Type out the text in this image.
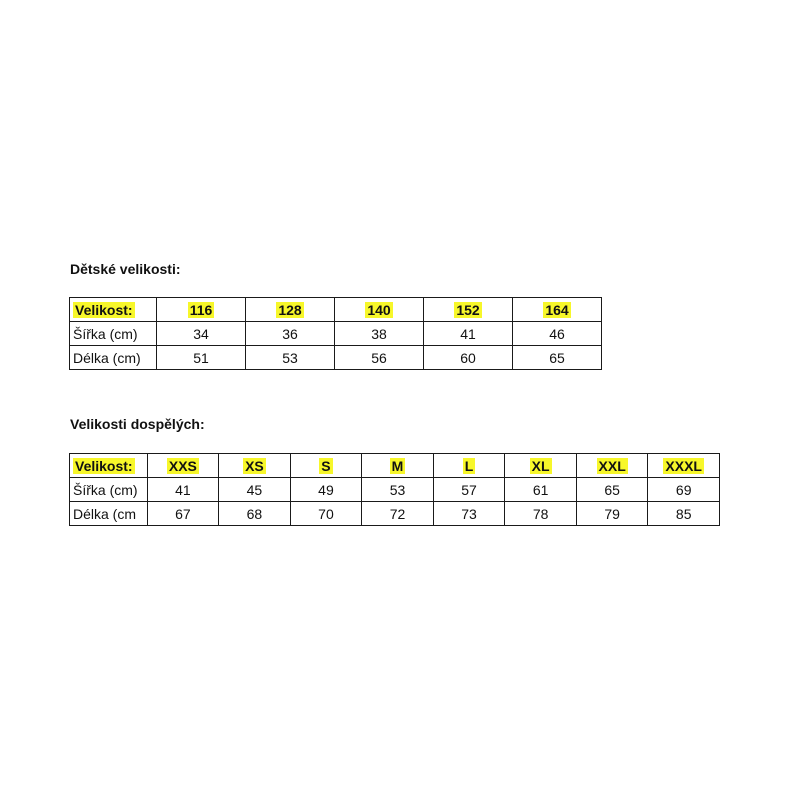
Dětské velikosti:
Velikost:	116	128	140	152	164
Šířka (cm)	34	36	38	41	46
Délka (cm)	51	53	56	60	65
Velikosti dospělých:
Velikost:	XXS	XS	S	M	L	XL	XXL	XXXL
Šířka (cm)	41	45	49	53	57	61	65	69
Délka (cm	67	68	70	72	73	78	79	85
